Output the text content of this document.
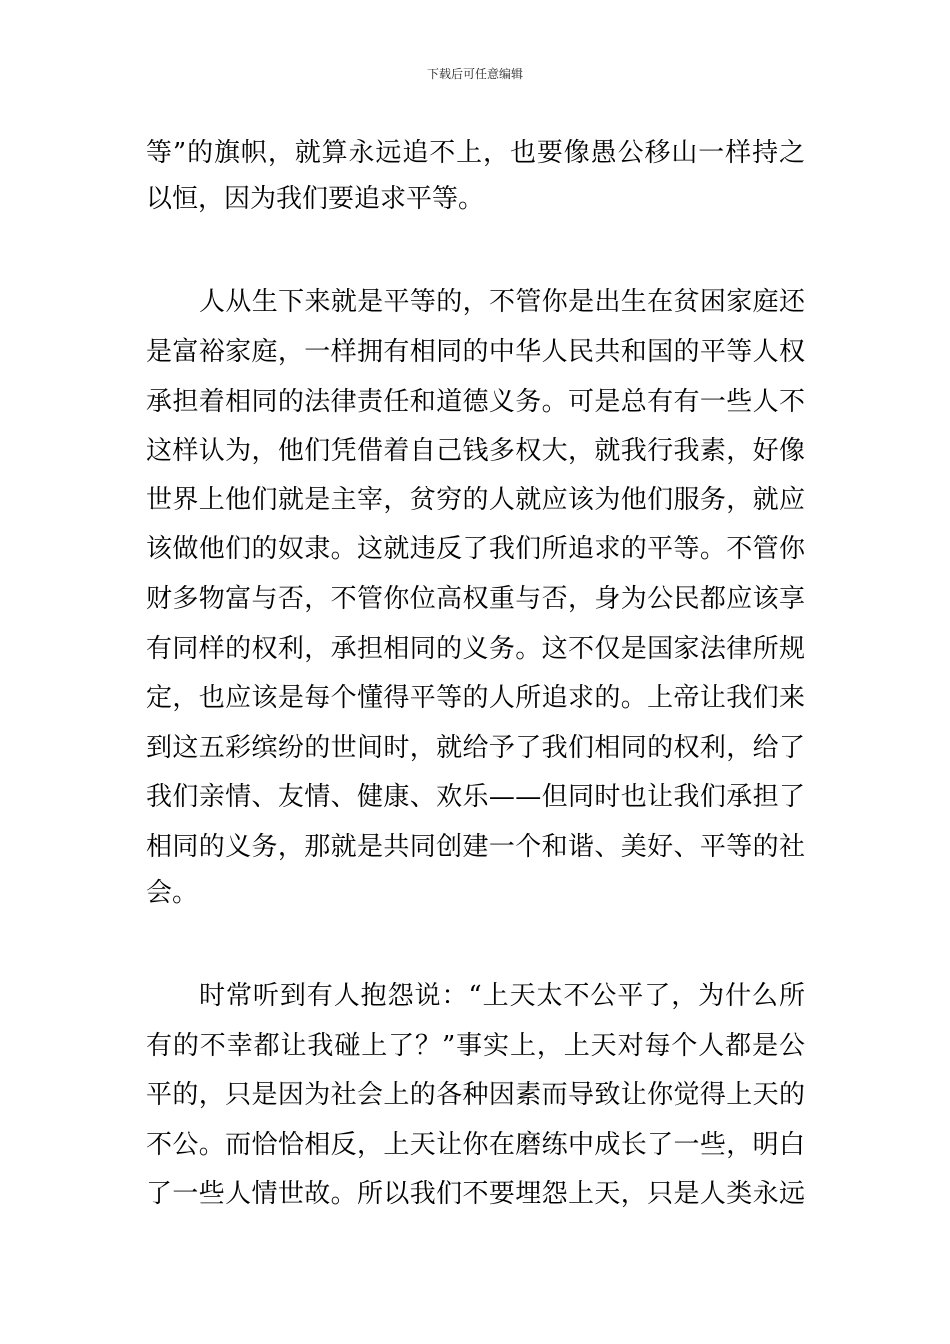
下载后可任意编辑
等”的旗帜，就算永远追不上，也要像愚公移山一样持之
以恒，因为我们要追求平等。
人从生下来就是平等的，不管你是出生在贫困家庭还
是富裕家庭，一样拥有相同的中华人民共和国的平等人权
承担着相同的法律责任和道德义务。可是总有有一些人不
这样认为，他们凭借着自己钱多权大，就我行我素，好像
世界上他们就是主宰，贫穷的人就应该为他们服务，就应
该做他们的奴隶。这就违反了我们所追求的平等。不管你
财多物富与否，不管你位高权重与否，身为公民都应该享
有同样的权利，承担相同的义务。这不仅是国家法律所规
定，也应该是每个懂得平等的人所追求的。上帝让我们来
到这五彩缤纷的世间时，就给予了我们相同的权利，给了
我们亲情、友情、健康、欢乐——但同时也让我们承担了
相同的义务，那就是共同创建一个和谐、美好、平等的社
会。
时常听到有人抱怨说：“上天太不公平了，为什么所
有的不幸都让我碰上了？”事实上，上天对每个人都是公
平的，只是因为社会上的各种因素而导致让你觉得上天的
不公。而恰恰相反，上天让你在磨练中成长了一些，明白
了一些人情世故。所以我们不要埋怨上天，只是人类永远
